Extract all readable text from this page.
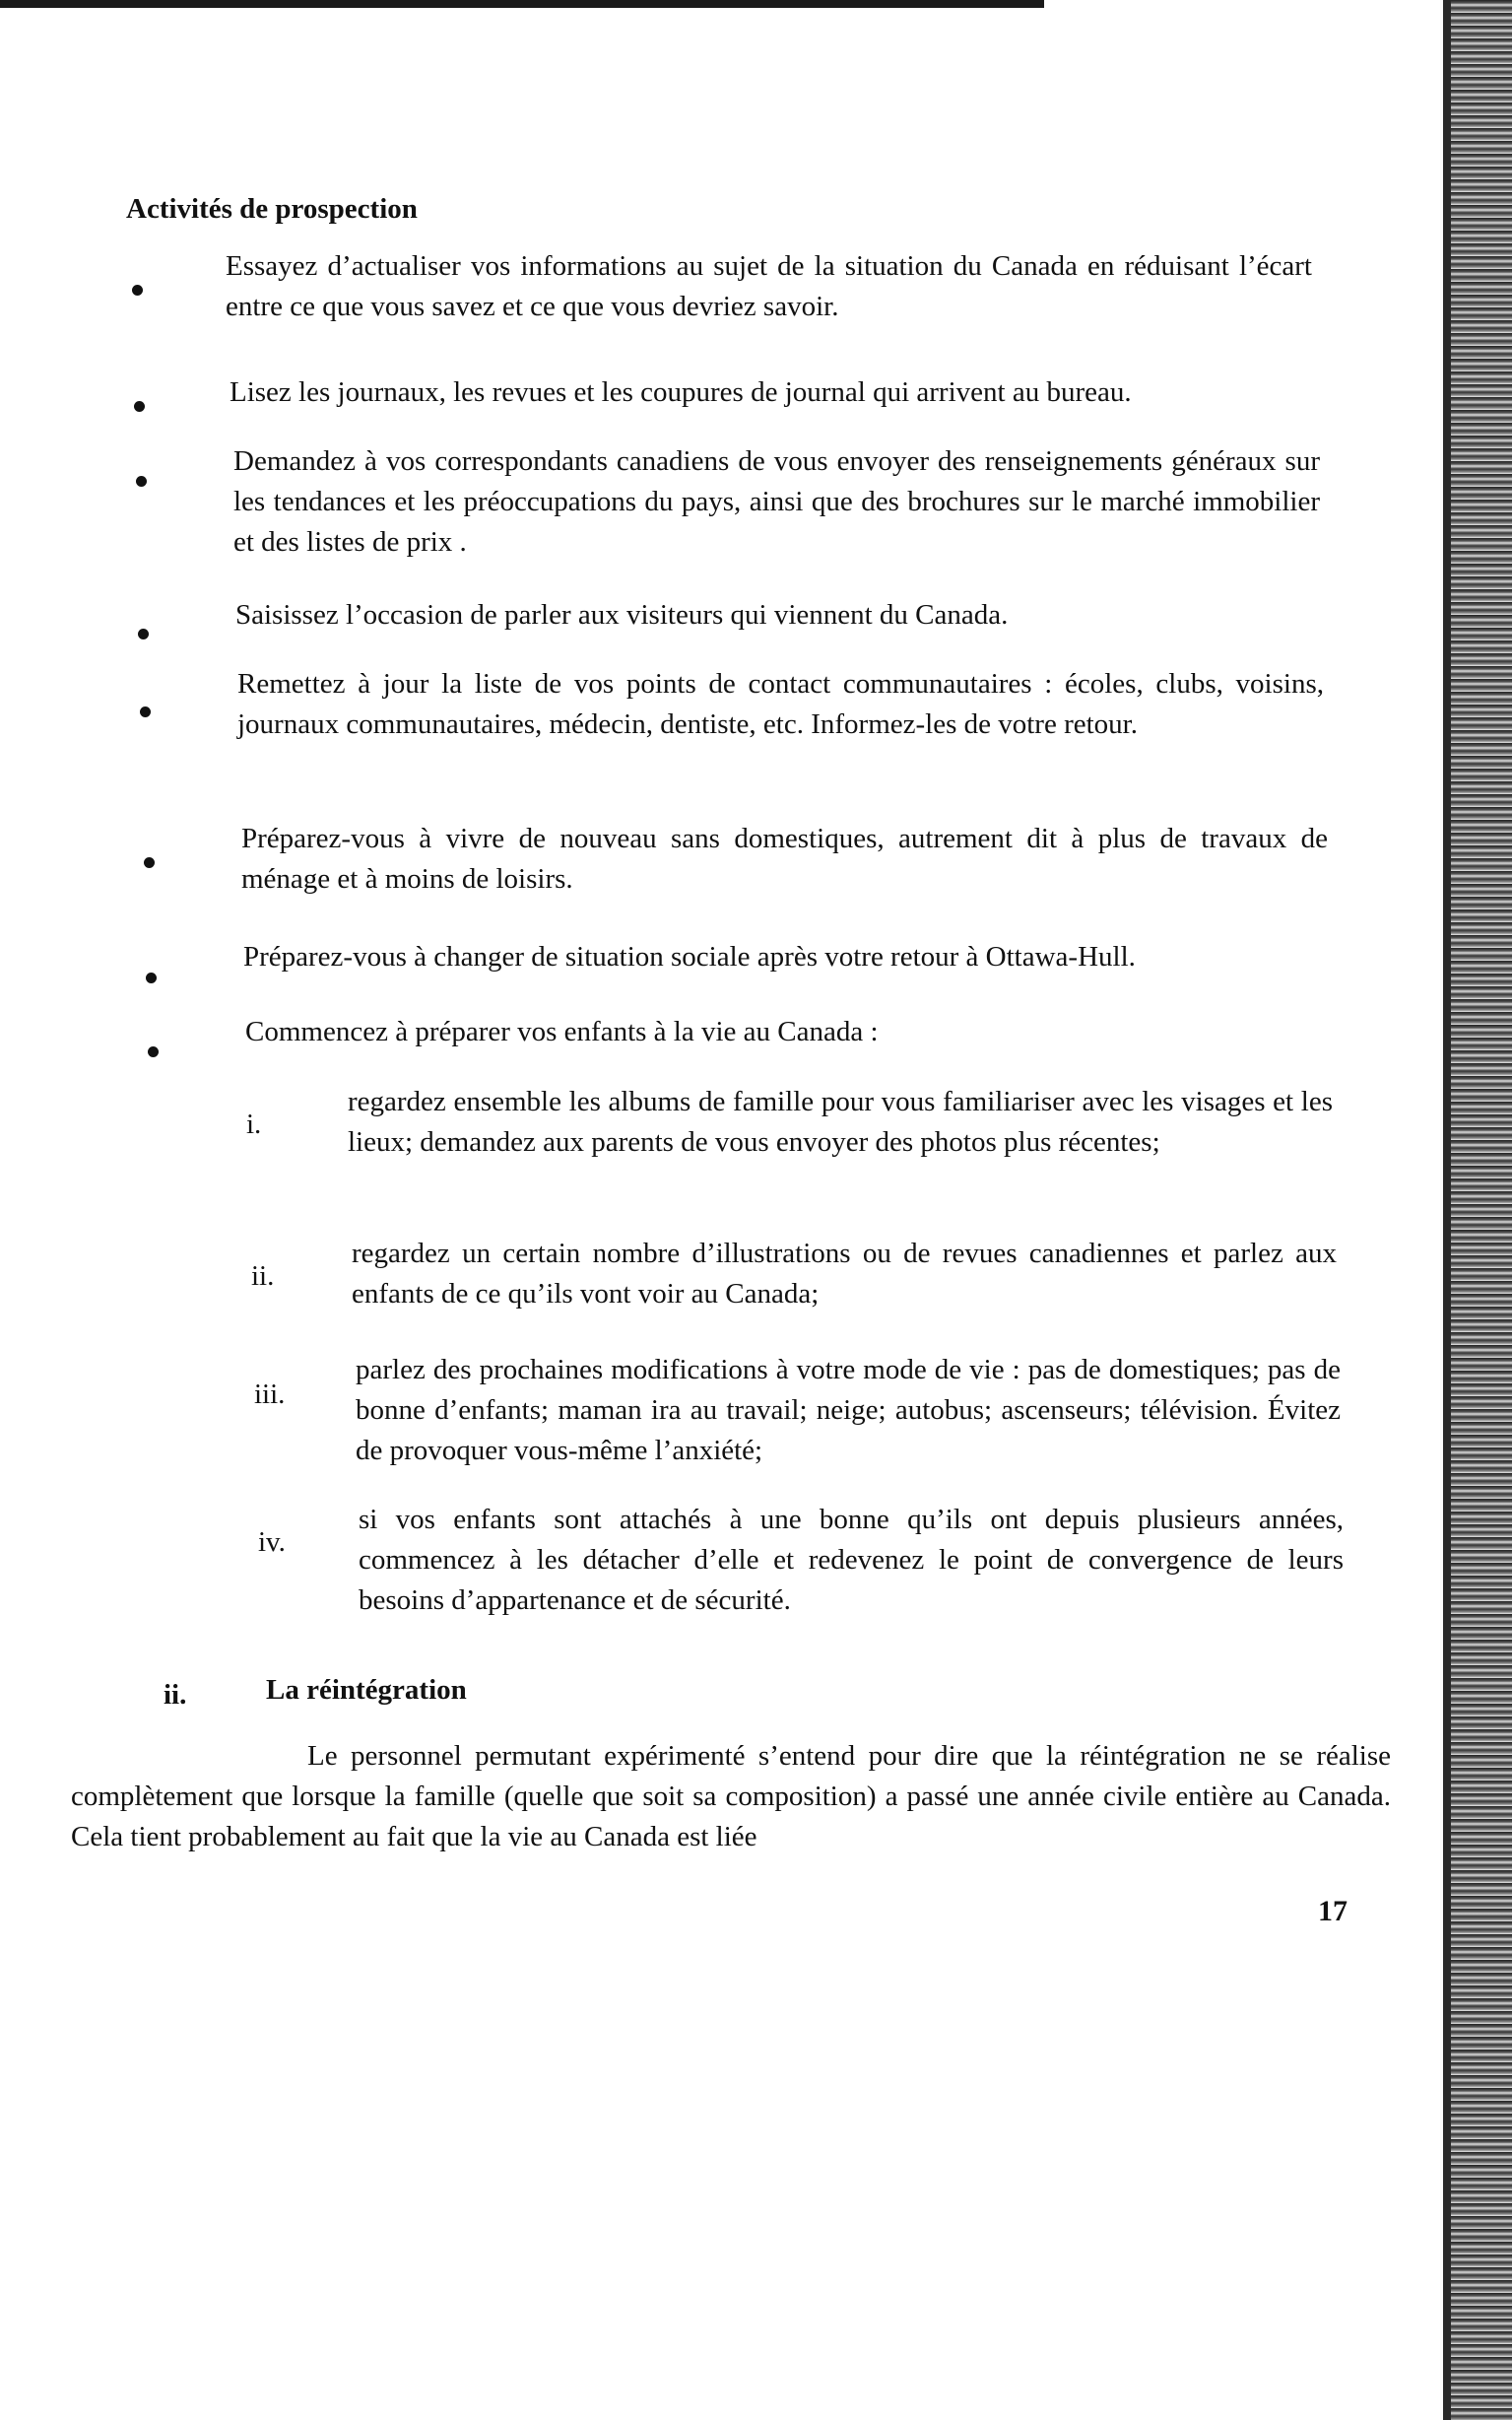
Activités de prospection

Essayez d’actualiser vos informations au sujet de la situation du Canada en réduisant l’écart entre ce que vous savez et ce que vous devriez savoir.

Lisez les journaux, les revues et les coupures de journal qui arrivent au bureau.

Demandez à vos correspondants canadiens de vous envoyer des renseignements généraux sur les tendances et les préoccupations du pays, ainsi que des brochures sur le marché immobilier et des listes de prix .

Saisissez l’occasion de parler aux visiteurs qui viennent du Canada.

Remettez à jour la liste de vos points de contact communautaires : écoles, clubs, voisins, journaux communautaires, médecin, dentiste, etc. Informez-les de votre retour.

Préparez-vous à vivre de nouveau sans domestiques, autrement dit à plus de travaux de ménage et à moins de loisirs.

Préparez-vous à changer de situation sociale après votre retour à Ottawa-Hull.

Commencez à préparer vos enfants à la vie au Canada :

i.

regardez ensemble les albums de famille pour vous familiariser avec les visages et les lieux; demandez aux parents de vous envoyer des photos plus récentes;

ii.

regardez un certain nombre d’illustrations ou de revues canadiennes et parlez aux enfants de ce qu’ils vont voir au Canada;

iii.

parlez des prochaines modifications à votre mode de vie : pas de domestiques; pas de bonne d’enfants; maman ira au travail; neige; autobus; ascenseurs; télévision. Évitez de provoquer vous-même l’anxiété;

iv.

si vos enfants sont attachés à une bonne qu’ils ont depuis plusieurs années, commencez à les détacher d’elle et redevenez le point de convergence de leurs besoins d’appartenance et de sécurité.

ii.	La réintégration

Le personnel permutant expérimenté s’entend pour dire que la réintégration ne se réalise complètement que lorsque la famille (quelle que soit sa composition) a passé une année civile entière au Canada. Cela tient probablement au fait que la vie au Canada est liée

17
